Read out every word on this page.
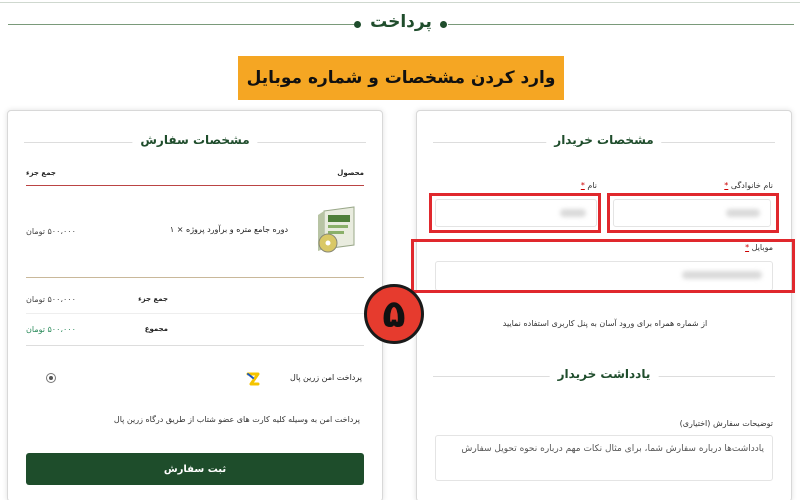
پرداخت
وارد کردن مشخصات و شماره موبایل
مشخصات خریدار
نام خانوادگی *
نام *
موبایل *
از شماره همراه برای ورود آسان به پنل کاربری استفاده نمایید
یادداشت خریدار
توضیحات سفارش (اختیاری)
یادداشت‌ها درباره سفارش شما، برای مثال نکات مهم درباره نحوه تحویل سفارش
مشخصات سفارش
محصول
جمع جزء
دوره جامع متره و برآورد پروژه × ۱
۵۰۰،۰۰۰ تومان
جمع جزء
۵۰۰،۰۰۰ تومان
مجموع
۵۰۰،۰۰۰ تومان
پرداخت امن زرین پال
پرداخت امن به وسیله کلیه کارت های عضو شتاب از طریق درگاه زرین پال
ثبت سفارش
۵
